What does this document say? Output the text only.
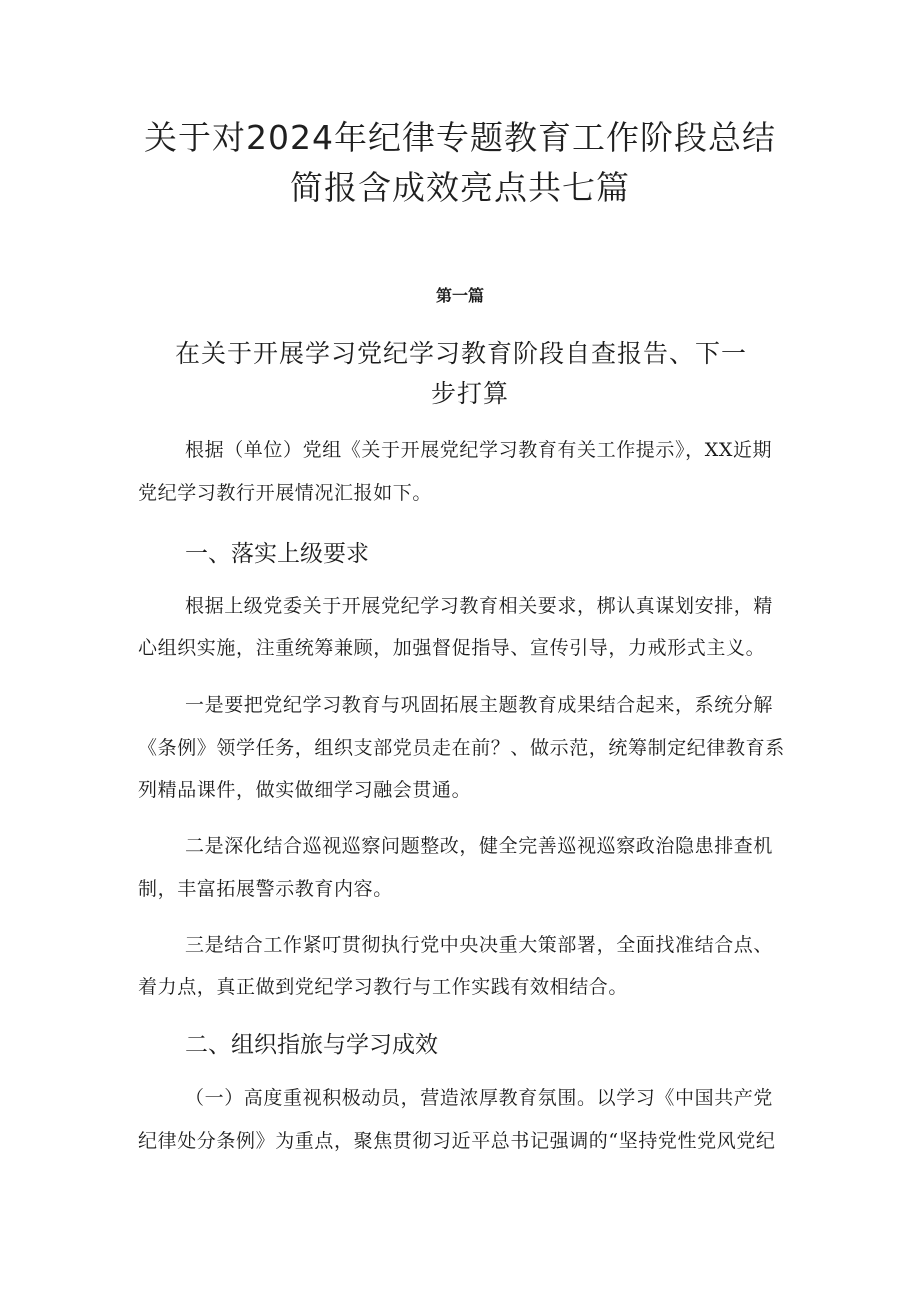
关于对2024年纪律专题教育工作阶段总结
简报含成效亮点共七篇
第一篇
在关于开展学习党纪学习教育阶段自查报告、下一
步打算
根据（单位）党组《关于开展党纪学习教育有关工作提示》，XX近期
党纪学习教行开展情况汇报如下。
一、落实上级要求
根据上级党委关于开展党纪学习教育相关要求，梆认真谋划安排，精
心组织实施，注重统筹兼顾，加强督促指导、宣传引导，力戒形式主义。
一是要把党纪学习教育与巩固拓展主题教育成果结合起来，系统分解
《条例》领学任务，组织支部党员走在前？、做示范，统筹制定纪律教育系
列精品课件，做实做细学习融会贯通。
二是深化结合巡视巡察问题整改，健全完善巡视巡察政治隐患排查机
制，丰富拓展警示教育内容。
三是结合工作紧叮贯彻执行党中央决重大策部署，全面找准结合点、
着力点，真正做到党纪学习教行与工作实践有效相结合。
二、组织指旅与学习成效
（一）高度重视积极动员，营造浓厚教育氛围。以学习《中国共产党
纪律处分条例》为重点，聚焦贯彻习近平总书记强调的“坚持党性党风党纪
